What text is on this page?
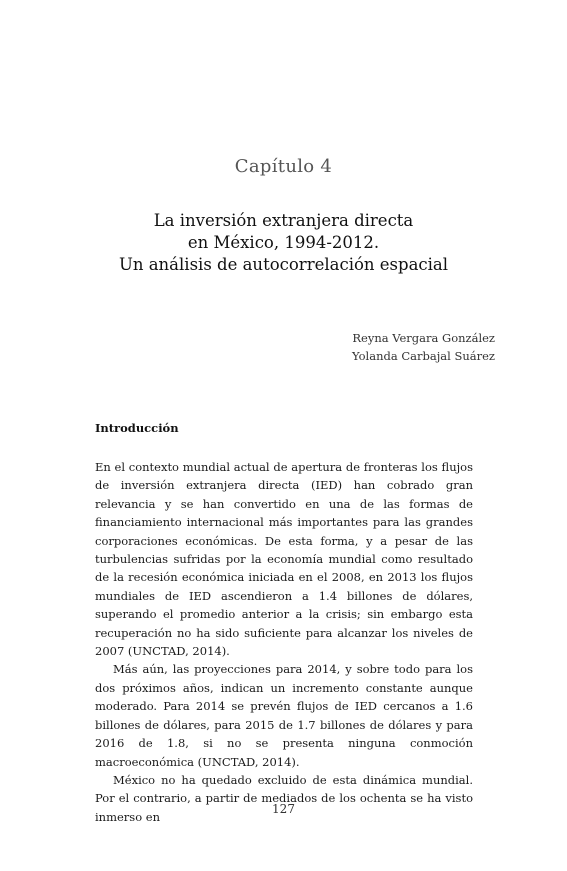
Capítulo 4
La inversión extranjera directa
en México, 1994-2012.
Un análisis de autocorrelación espacial
Reyna Vergara González
Yolanda Carbajal Suárez
Introducción

En el contexto mundial actual de apertura de fronteras los flujos de inversión extranjera directa (IED) han cobrado gran relevancia y se han convertido en una de las formas de financiamiento internacional más importantes para las grandes corporaciones económicas. De esta forma, y a pesar de las turbulencias sufridas por la economía mundial como resultado de la recesión económica iniciada en el 2008, en 2013 los flujos mundiales de IED ascendieron a 1.4 billones de dólares, superando el promedio anterior a la crisis; sin embargo esta recuperación no ha sido suficiente para alcanzar los niveles de 2007 (UNCTAD, 2014).

Más aún, las proyecciones para 2014, y sobre todo para los dos próximos años, indican un incremento constante aunque moderado. Para 2014 se prevén flujos de IED cercanos a 1.6 billones de dólares, para 2015 de 1.7 billones de dólares y para 2016 de 1.8, si no se presenta ninguna conmoción macroeconómica (UNCTAD, 2014).

México no ha quedado excluido de esta dinámica mundial. Por el contrario, a partir de mediados de los ochenta se ha visto inmerso en

127
